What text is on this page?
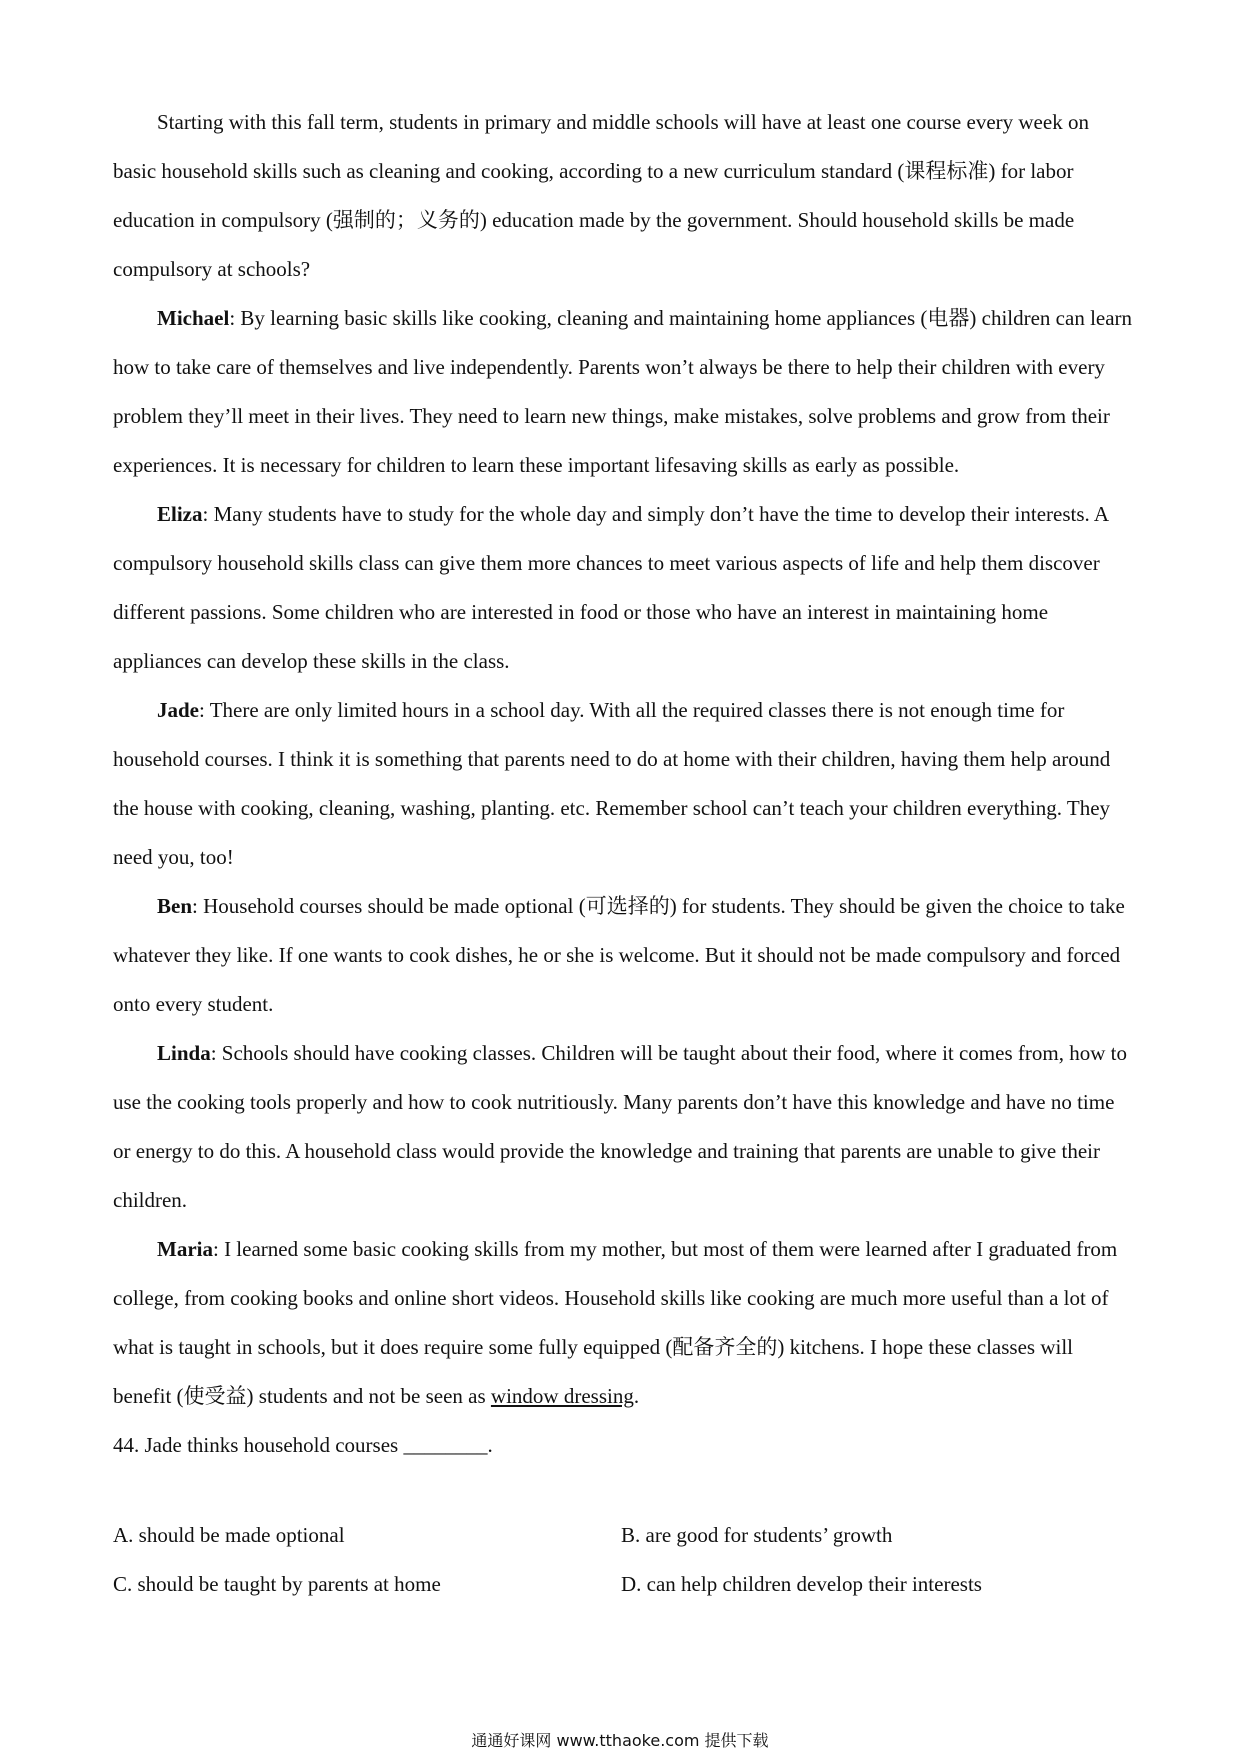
Starting with this fall term, students in primary and middle schools will have at least one course every week on basic household skills such as cleaning and cooking, according to a new curriculum standard (课程标准) for labor education in compulsory (强制的；义务的) education made by the government. Should household skills be made compulsory at schools?

Michael: By learning basic skills like cooking, cleaning and maintaining home appliances (电器) children can learn how to take care of themselves and live independently. Parents won’t always be there to help their children with every problem they’ll meet in their lives. They need to learn new things, make mistakes, solve problems and grow from their experiences. It is necessary for children to learn these important lifesaving skills as early as possible.

Eliza: Many students have to study for the whole day and simply don’t have the time to develop their interests. A compulsory household skills class can give them more chances to meet various aspects of life and help them discover different passions. Some children who are interested in food or those who have an interest in maintaining home appliances can develop these skills in the class.

Jade: There are only limited hours in a school day. With all the required classes there is not enough time for household courses. I think it is something that parents need to do at home with their children, having them help around the house with cooking, cleaning, washing, planting. etc. Remember school can’t teach your children everything. They need you, too!

Ben: Household courses should be made optional (可选择的) for students. They should be given the choice to take whatever they like. If one wants to cook dishes, he or she is welcome. But it should not be made compulsory and forced onto every student.

Linda: Schools should have cooking classes. Children will be taught about their food, where it comes from, how to use the cooking tools properly and how to cook nutritiously. Many parents don’t have this knowledge and have no time or energy to do this. A household class would provide the knowledge and training that parents are unable to give their children.

Maria: I learned some basic cooking skills from my mother, but most of them were learned after I graduated from college, from cooking books and online short videos. Household skills like cooking are much more useful than a lot of what is taught in schools, but it does require some fully equipped (配备齐全的) kitchens. I hope these classes will benefit (使受益) students and not be seen as window dressing.

44. Jade thinks household courses ________.

A. should be made optional	B. are good for students’ growth
C. should be taught by parents at home	D. can help children develop their interests
通通好课网 www.tthaoke.com 提供下载
